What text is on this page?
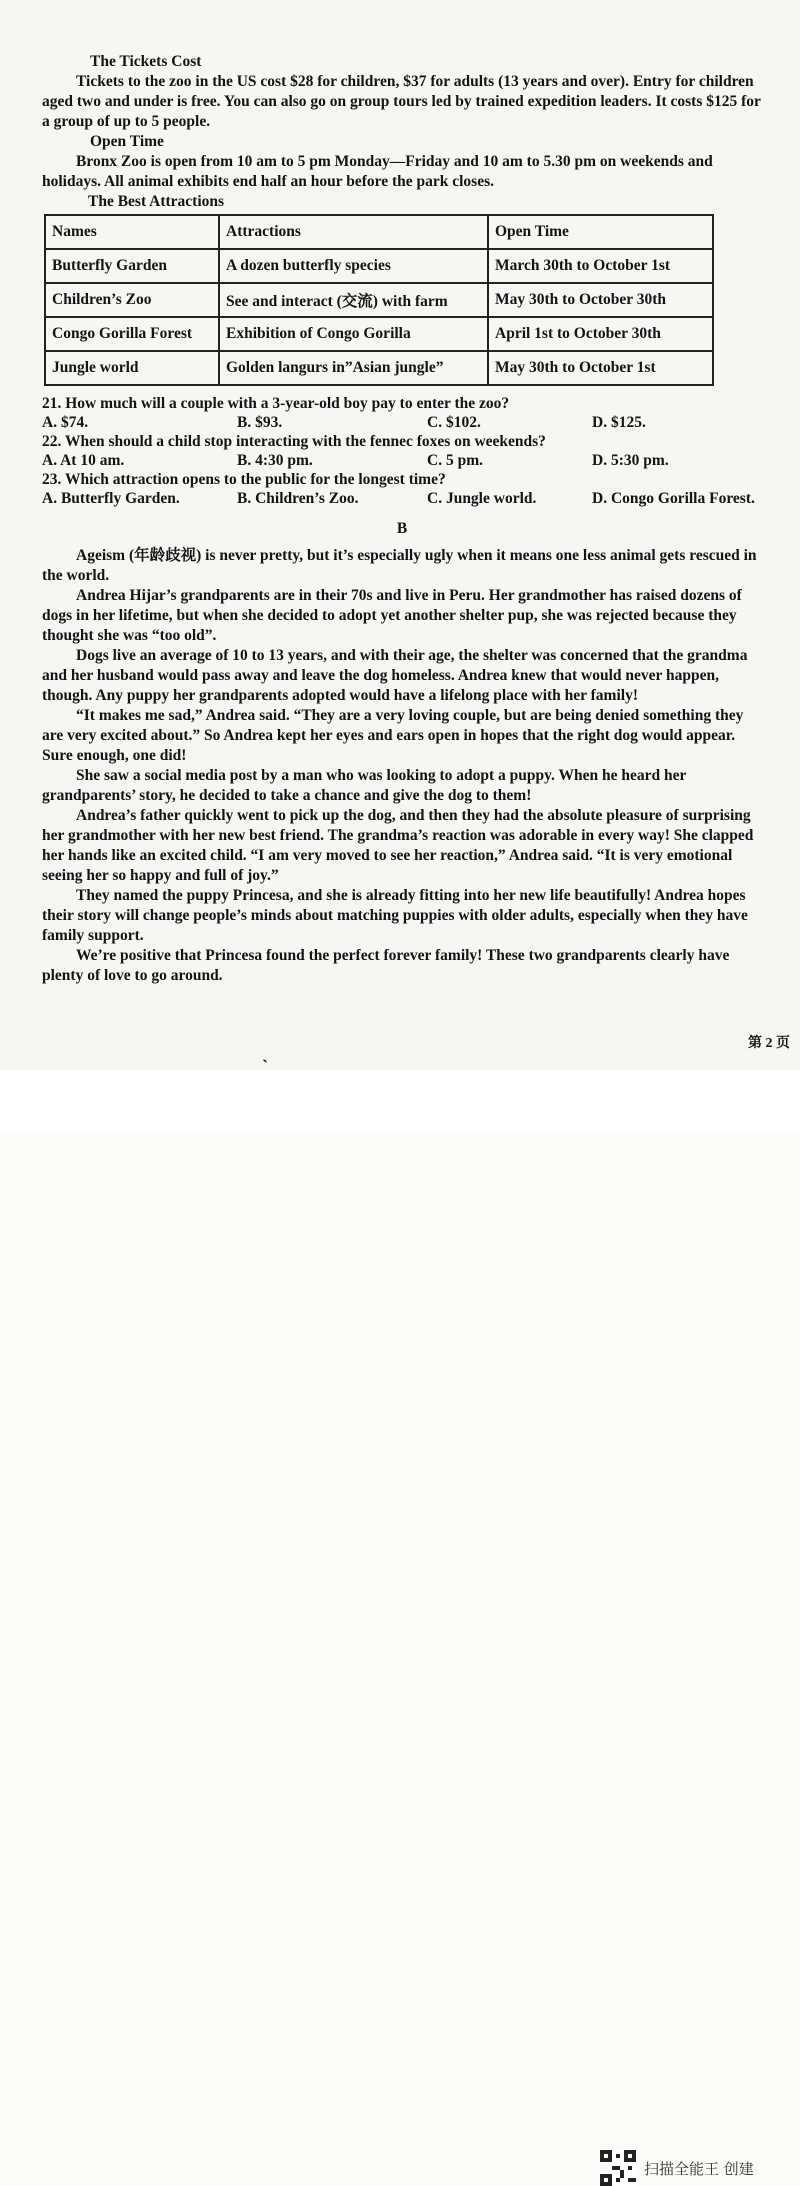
The Tickets Cost

Tickets to the zoo in the US cost $28 for children, $37 for adults (13 years and over). Entry for children aged two and under is free. You can also go on group tours led by trained expedition leaders. It costs $125 for a group of up to 5 people.

Open Time

Bronx Zoo is open from 10 am to 5 pm Monday—Friday and 10 am to 5.30 pm on weekends and holidays. All animal exhibits end half an hour before the park closes.

The Best Attractions

Names	Attractions	Open Time
Butterfly Garden	A dozen butterfly species	March 30th to October 1st
Children’s Zoo	See and interact (交流) with farm	May 30th to October 30th
Congo Gorilla Forest	Exhibition of Congo Gorilla	April 1st to October 30th
Jungle world	Golden langurs in”Asian jungle”	May 30th to October 1st

21. How much will a couple with a 3-year-old boy pay to enter the zoo?

A. $74.	B. $93.	C. $102.	D. $125.

22. When should a child stop interacting with the fennec foxes on weekends?

A. At 10 am.	B. 4:30 pm.	C. 5 pm.	D. 5:30 pm.

23. Which attraction opens to the public for the longest time?

A. Butterfly Garden.	B. Children’s Zoo.	C. Jungle world.	D. Congo Gorilla Forest.
B

Ageism (年龄歧视) is never pretty, but it’s especially ugly when it means one less animal gets rescued in the world.

Andrea Hijar’s grandparents are in their 70s and live in Peru. Her grandmother has raised dozens of dogs in her lifetime, but when she decided to adopt yet another shelter pup, she was rejected because they thought she was “too old”.

Dogs live an average of 10 to 13 years, and with their age, the shelter was concerned that the grandma and her husband would pass away and leave the dog homeless. Andrea knew that would never happen, though. Any puppy her grandparents adopted would have a lifelong place with her family!

“It makes me sad,” Andrea said. “They are a very loving couple, but are being denied something they are very excited about.” So Andrea kept her eyes and ears open in hopes that the right dog would appear. Sure enough, one did!

She saw a social media post by a man who was looking to adopt a puppy. When he heard her grandparents’ story, he decided to take a chance and give the dog to them!

Andrea’s father quickly went to pick up the dog, and then they had the absolute pleasure of surprising her grandmother with her new best friend. The grandma’s reaction was adorable in every way! She clapped her hands like an excited child. “I am very moved to see her reaction,” Andrea said. “It is very emotional seeing her so happy and full of joy.”

They named the puppy Princesa, and she is already fitting into her new life beautifully! Andrea hopes their story will change people’s minds about matching puppies with older adults, especially when they have family support.

We’re positive that Princesa found the perfect forever family! These two grandparents clearly have plenty of love to go around.

第 2 页
˴
扫描全能王 创建
